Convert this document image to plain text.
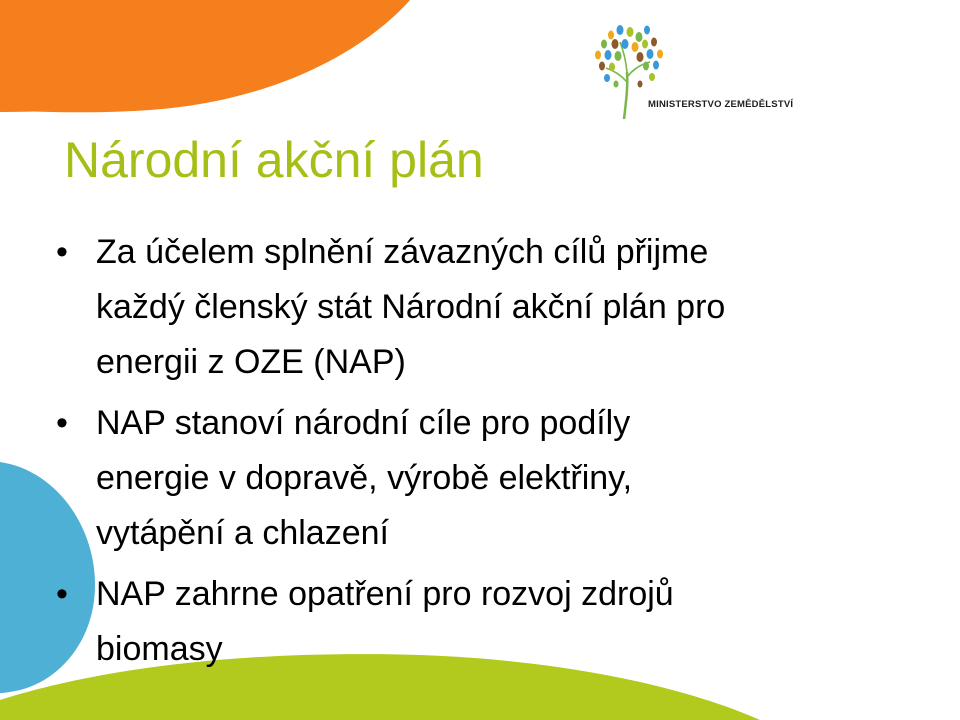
MINISTERSTVO ZEMĚDĚLSTVÍ
Národní akční plán
• Za účelem splnění závazných cílů přijme
každý členský stát Národní akční plán pro
energii z OZE (NAP)
• NAP stanoví národní cíle pro podíly
energie v dopravě, výrobě elektřiny,
vytápění a chlazení
• NAP zahrne opatření pro rozvoj zdrojů
biomasy
